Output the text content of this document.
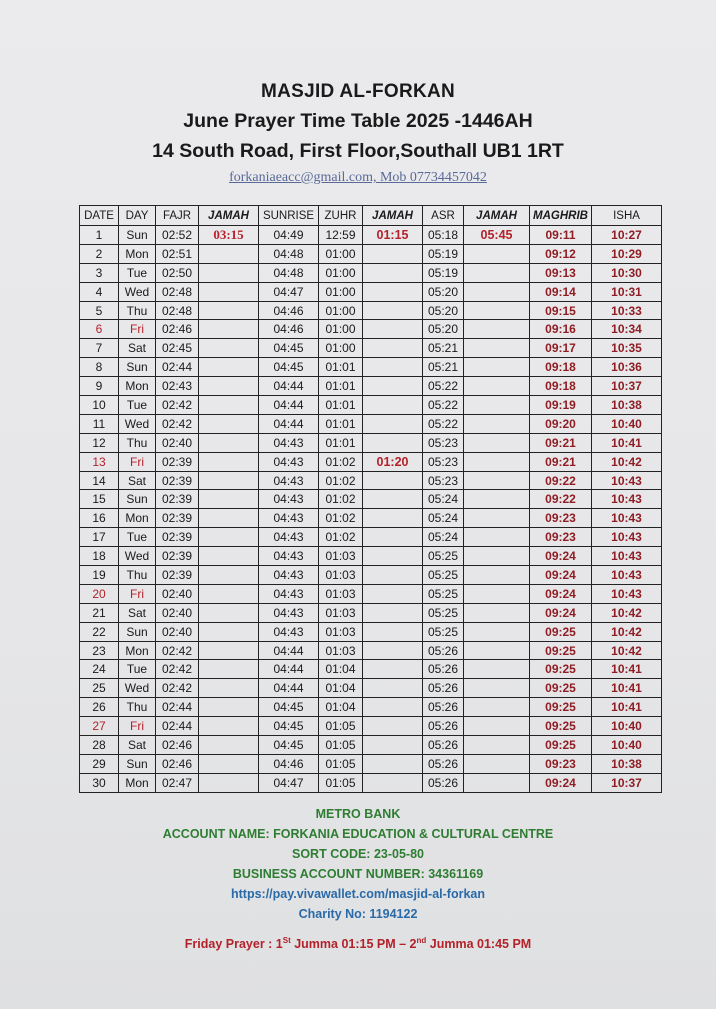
MASJID AL-FORKAN
June Prayer Time Table 2025 -1446AH
14 South Road, First Floor,Southall UB1 1RT
forkaniaeacc@gmail.com, Mob 07734457042
DATE	DAY	FAJR	JAMAH	SUNRISE	ZUHR	JAMAH	ASR	JAMAH	MAGHRIB	ISHA
1	Sun	02:52	03:15	04:49	12:59	01:15	05:18	05:45	09:11	10:27
2	Mon	02:51		04:48	01:00		05:19		09:12	10:29
3	Tue	02:50		04:48	01:00		05:19		09:13	10:30
4	Wed	02:48		04:47	01:00		05:20		09:14	10:31
5	Thu	02:48		04:46	01:00		05:20		09:15	10:33
6	Fri	02:46		04:46	01:00		05:20		09:16	10:34
7	Sat	02:45		04:45	01:00		05:21		09:17	10:35
8	Sun	02:44		04:45	01:01		05:21		09:18	10:36
9	Mon	02:43		04:44	01:01		05:22		09:18	10:37
10	Tue	02:42		04:44	01:01		05:22		09:19	10:38
11	Wed	02:42		04:44	01:01		05:22		09:20	10:40
12	Thu	02:40		04:43	01:01		05:23		09:21	10:41
13	Fri	02:39		04:43	01:02	01:20	05:23		09:21	10:42
14	Sat	02:39		04:43	01:02		05:23		09:22	10:43
15	Sun	02:39		04:43	01:02		05:24		09:22	10:43
16	Mon	02:39		04:43	01:02		05:24		09:23	10:43
17	Tue	02:39		04:43	01:02		05:24		09:23	10:43
18	Wed	02:39		04:43	01:03		05:25		09:24	10:43
19	Thu	02:39		04:43	01:03		05:25		09:24	10:43
20	Fri	02:40		04:43	01:03		05:25		09:24	10:43
21	Sat	02:40		04:43	01:03		05:25		09:24	10:42
22	Sun	02:40		04:43	01:03		05:25		09:25	10:42
23	Mon	02:42		04:44	01:03		05:26		09:25	10:42
24	Tue	02:42		04:44	01:04		05:26		09:25	10:41
25	Wed	02:42		04:44	01:04		05:26		09:25	10:41
26	Thu	02:44		04:45	01:04		05:26		09:25	10:41
27	Fri	02:44		04:45	01:05		05:26		09:25	10:40
28	Sat	02:46		04:45	01:05		05:26		09:25	10:40
29	Sun	02:46		04:46	01:05		05:26		09:23	10:38
30	Mon	02:47		04:47	01:05		05:26		09:24	10:37
METRO BANK
ACCOUNT NAME: FORKANIA EDUCATION & CULTURAL CENTRE
SORT CODE: 23-05-80
BUSINESS ACCOUNT NUMBER: 34361169
https://pay.vivawallet.com/masjid-al-forkan
Charity No: 1194122
Friday Prayer : 1St Jumma 01:15 PM – 2nd Jumma 01:45 PM
